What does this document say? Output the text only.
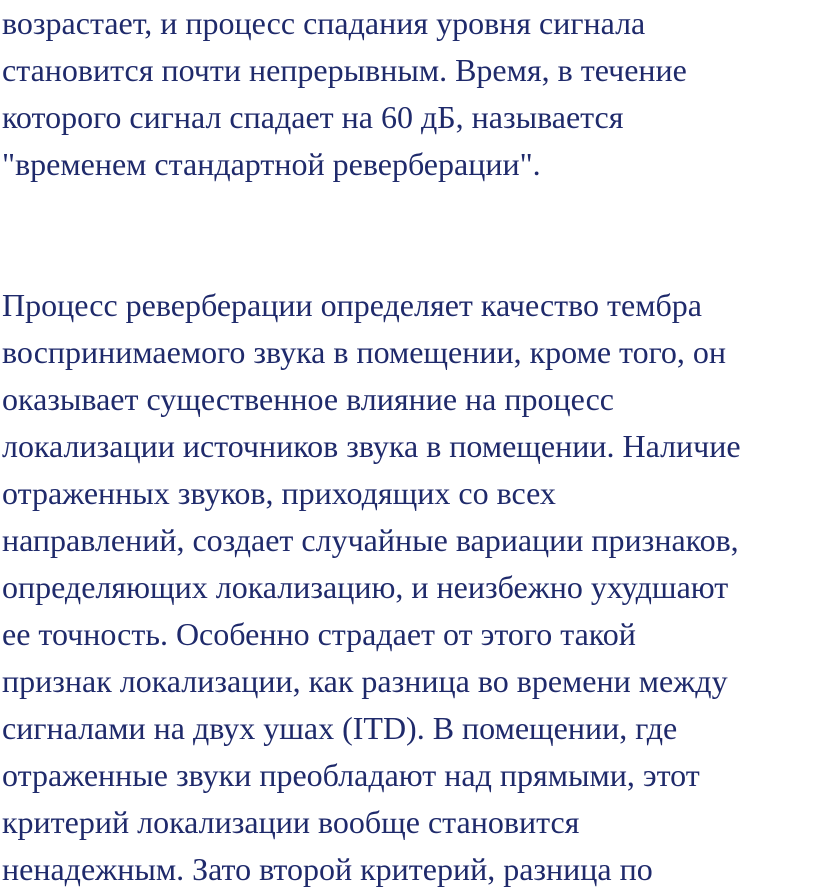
возрастает, и процесс спадания уровня сигнала
становится почти непрерывным. Время, в течение
которого сигнал спадает на 60 дБ, называется
"временем стандартной реверберации".

Процесс реверберации определяет качество тембра
воспринимаемого звука в помещении, кроме того, он
оказывает существенное влияние на процесс
локализации источников звука в помещении. Наличие
отраженных звуков, приходящих со всех
направлений, создает случайные вариации признаков,
определяющих локализацию, и неизбежно ухудшают
ее точность. Особенно страдает от этого такой
признак локализации, как разница во времени между
сигналами на двух ушах (ITD). В помещении, где
отраженные звуки преобладают над прямыми, этот
критерий локализации вообще становится
ненадежным. Зато второй критерий, разница по
